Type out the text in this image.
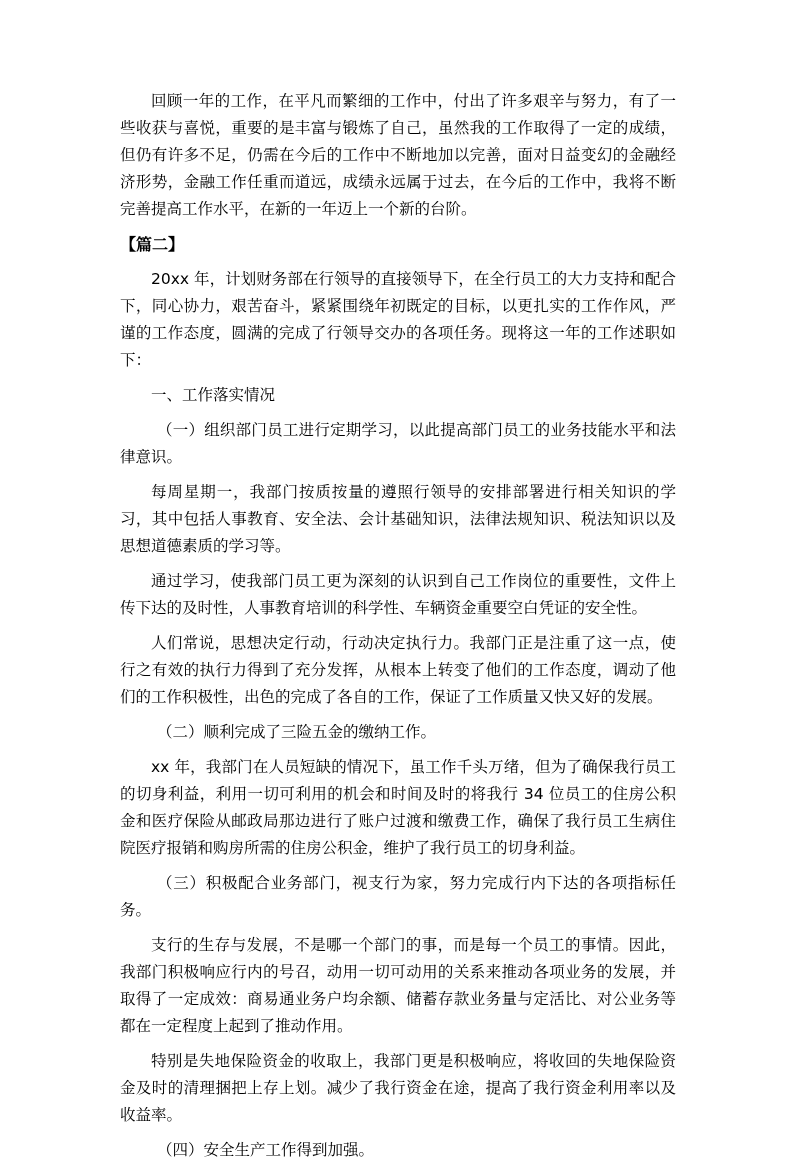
回顾一年的工作，在平凡而繁细的工作中，付出了许多艰辛与努力，有了一些收获与喜悦，重要的是丰富与锻炼了自己，虽然我的工作取得了一定的成绩，但仍有许多不足，仍需在今后的工作中不断地加以完善，面对日益变幻的金融经济形势，金融工作任重而道远，成绩永远属于过去，在今后的工作中，我将不断完善提高工作水平，在新的一年迈上一个新的台阶。

【篇二】

20xx 年，计划财务部在行领导的直接领导下，在全行员工的大力支持和配合下，同心协力，艰苦奋斗，紧紧围绕年初既定的目标，以更扎实的工作作风，严谨的工作态度，圆满的完成了行领导交办的各项任务。现将这一年的工作述职如下：

一、工作落实情况

（一）组织部门员工进行定期学习，以此提高部门员工的业务技能水平和法律意识。

每周星期一，我部门按质按量的遵照行领导的安排部署进行相关知识的学习，其中包括人事教育、安全法、会计基础知识，法律法规知识、税法知识以及思想道德素质的学习等。

通过学习，使我部门员工更为深刻的认识到自己工作岗位的重要性，文件上传下达的及时性，人事教育培训的科学性、车辆资金重要空白凭证的安全性。

人们常说，思想决定行动，行动决定执行力。我部门正是注重了这一点，使行之有效的执行力得到了充分发挥，从根本上转变了他们的工作态度，调动了他们的工作积极性，出色的完成了各自的工作，保证了工作质量又快又好的发展。

（二）顺利完成了三险五金的缴纳工作。

xx 年，我部门在人员短缺的情况下，虽工作千头万绪，但为了确保我行员工的切身利益，利用一切可利用的机会和时间及时的将我行 34 位员工的住房公积金和医疗保险从邮政局那边进行了账户过渡和缴费工作，确保了我行员工生病住院医疗报销和购房所需的住房公积金，维护了我行员工的切身利益。

（三）积极配合业务部门，视支行为家，努力完成行内下达的各项指标任务。

支行的生存与发展，不是哪一个部门的事，而是每一个员工的事情。因此，我部门积极响应行内的号召，动用一切可动用的关系来推动各项业务的发展，并取得了一定成效：商易通业务户均余额、储蓄存款业务量与定活比、对公业务等都在一定程度上起到了推动作用。

特别是失地保险资金的收取上，我部门更是积极响应，将收回的失地保险资金及时的清理捆把上存上划。减少了我行资金在途，提高了我行资金利用率以及收益率。

（四）安全生产工作得到加强。
